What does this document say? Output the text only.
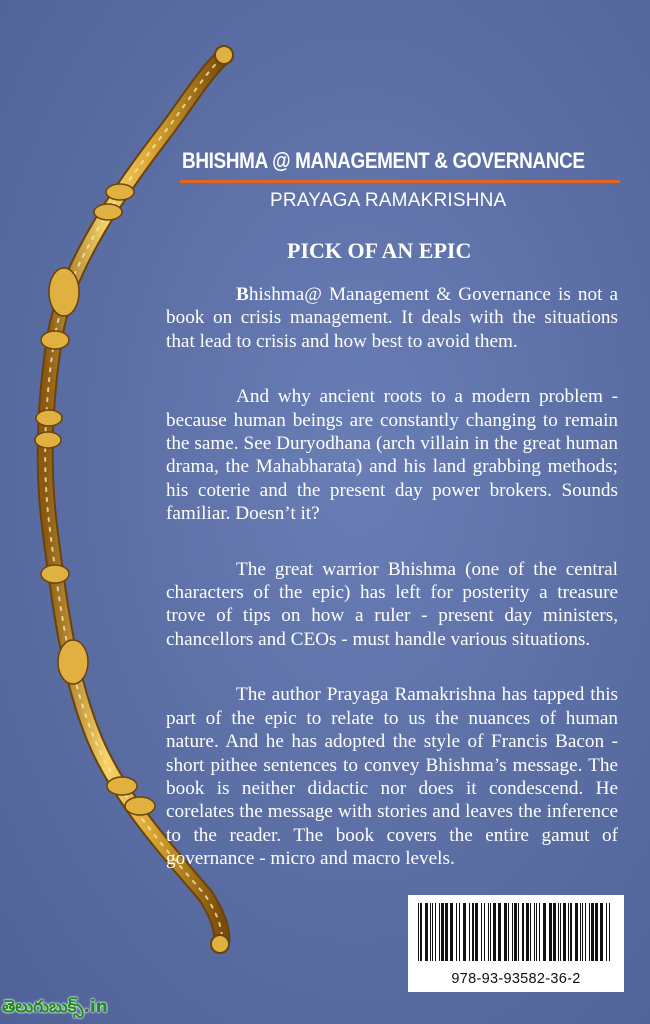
BHISHMA @ MANAGEMENT & GOVERNANCE
PRAYAGA RAMAKRISHNA
PICK OF AN EPIC

Bhishma@ Management & Governance is not a book on crisis management. It deals with the situations that lead to crisis and how best to avoid them.

And why ancient roots to a modern problem - because human beings are constantly changing to remain the same. See Duryodhana (arch villain in the great human drama, the Mahabharata) and his land grabbing methods; his coterie and the present day power brokers. Sounds familiar. Doesn’t it?

The great warrior Bhishma (one of the central characters of the epic) has left for posterity a treasure trove of tips on how a ruler - present day ministers, chancellors and CEOs - must handle various situations.

The author Prayaga Ramakrishna has tapped this part of the epic to relate to us the nuances of human nature. And he has adopted the style of Francis Bacon - short pithee sentences to convey Bhishma’s message. The book is neither didactic nor does it condescend. He corelates the message with stories and leaves the inference to the reader. The book covers the entire gamut of governance - micro and macro levels.

978-93-93582-36-2
తెలుగుబుక్స్.in
